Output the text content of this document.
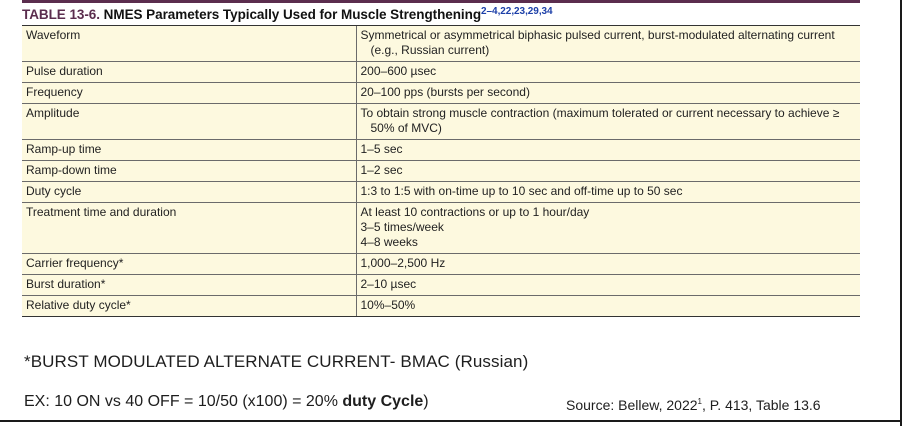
TABLE 13-6. NMES Parameters Typically Used for Muscle Strengthening$^{2-4,22,23,29,34}$
Waveform	Symmetrical or asymmetrical biphasic pulsed current, burst-modulated alternating current (e.g., Russian current)

Pulse duration	200–600 µsec

Frequency	20–100 pps (bursts per second)

Amplitude	To obtain strong muscle contraction (maximum tolerated or current necessary to achieve ≥ 50% of MVC)

Ramp-up time	1–5 sec

Ramp-down time	1–2 sec

Duty cycle	1:3 to 1:5 with on-time up to 10 sec and off-time up to 50 sec

Treatment time and duration	At least 10 contractions or up to 1 hour/day
3–5 times/week
4–8 weeks

Carrier frequency*	1,000–2,500 Hz

Burst duration*	2–10 µsec

Relative duty cycle*	10%–50%
*BURST MODULATED ALTERNATE CURRENT- BMAC (Russian)
EX: 10 ON vs 40 OFF = 10/50 (x100) = 20% duty Cycle)	Source: Bellew, 2022$^1$, P. 413, Table 13.6
